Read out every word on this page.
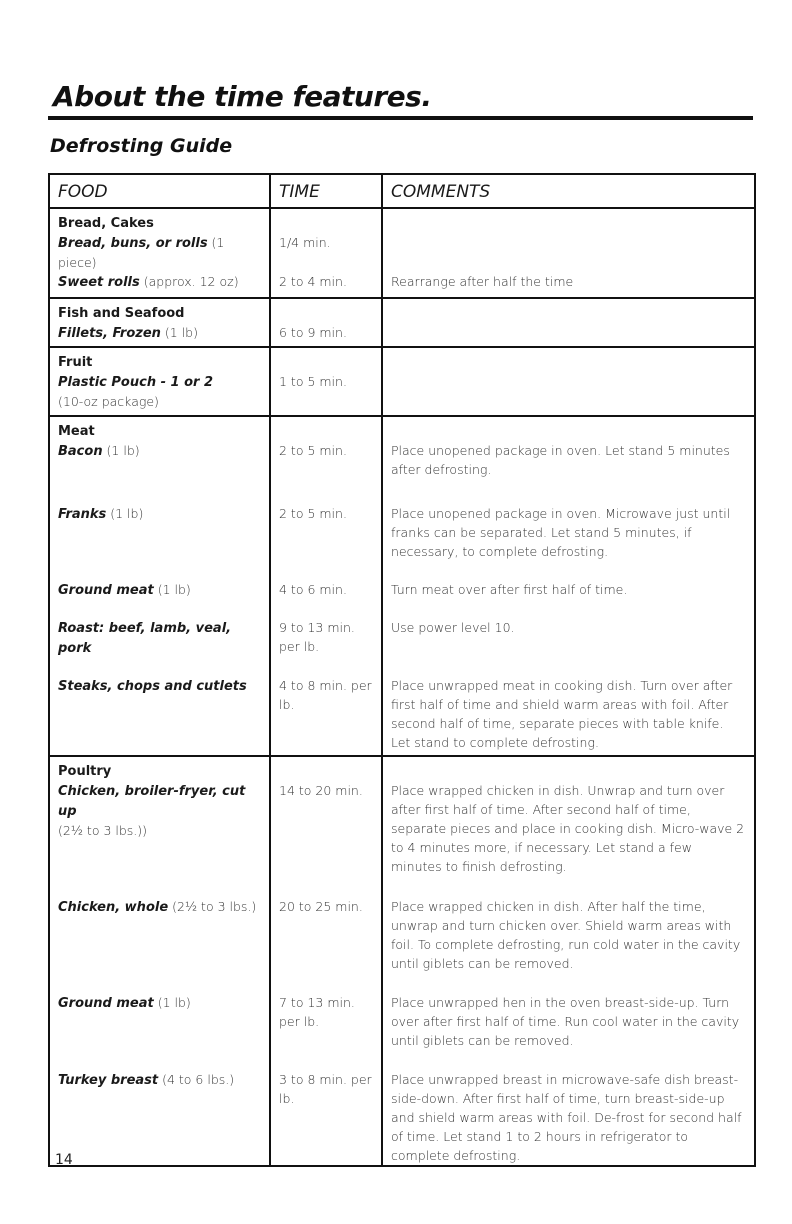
About the time features.
Defrosting Guide
FOOD	TIME	COMMENTS
Bread, Cakes		
Bread, buns, or rolls (1 piece)	1/4 min.	
Sweet rolls (approx. 12 oz)	2 to 4 min.	Rearrange after half the time
Fish and Seafood		
Fillets, Frozen (1 lb)	6 to 9 min.	
Fruit		
Plastic Pouch - 1 or 2
(10-oz package)	1 to 5 min.	
Meat		
Bacon (1 lb)	2 to 5 min.	Place unopened package in oven. Let stand 5 minutes after defrosting.
Franks (1 lb)	2 to 5 min.	Place unopened package in oven. Microwave just until franks can be separated. Let stand 5 minutes, if necessary, to complete defrosting.
Ground meat (1 lb)	4 to 6 min.	Turn meat over after first half of time.
Roast: beef, lamb, veal, pork	9 to 13 min. per lb.	Use power level 10.
Steaks, chops and cutlets	4 to 8 min. per lb.	Place unwrapped meat in cooking dish. Turn over after first half of time and shield warm areas with foil. After second half of time, separate pieces with table knife. Let stand to complete defrosting.
Poultry		
Chicken, broiler-fryer, cut up
(2½ to 3 lbs.))	14 to 20 min.	Place wrapped chicken in dish. Unwrap and turn over after first half of time. After second half of time, separate pieces and place in cooking dish. Micro-wave 2 to 4 minutes more, if necessary. Let stand a few minutes to finish defrosting.
Chicken, whole (2½ to 3 lbs.)	20 to 25 min.	Place wrapped chicken in dish. After half the time, unwrap and turn chicken over. Shield warm areas with foil. To complete defrosting, run cold water in the cavity until giblets can be removed.
Ground meat (1 lb)	7 to 13 min. per lb.	Place unwrapped hen in the oven breast-side-up. Turn over after first half of time. Run cool water in the cavity until giblets can be removed.
Turkey breast (4 to 6 lbs.)	3 to 8 min. per lb.	Place unwrapped breast in microwave-safe dish breast-side-down. After first half of time, turn breast-side-up and shield warm areas with foil. De-frost for second half of time. Let stand 1 to 2 hours in refrigerator to complete defrosting.
14
